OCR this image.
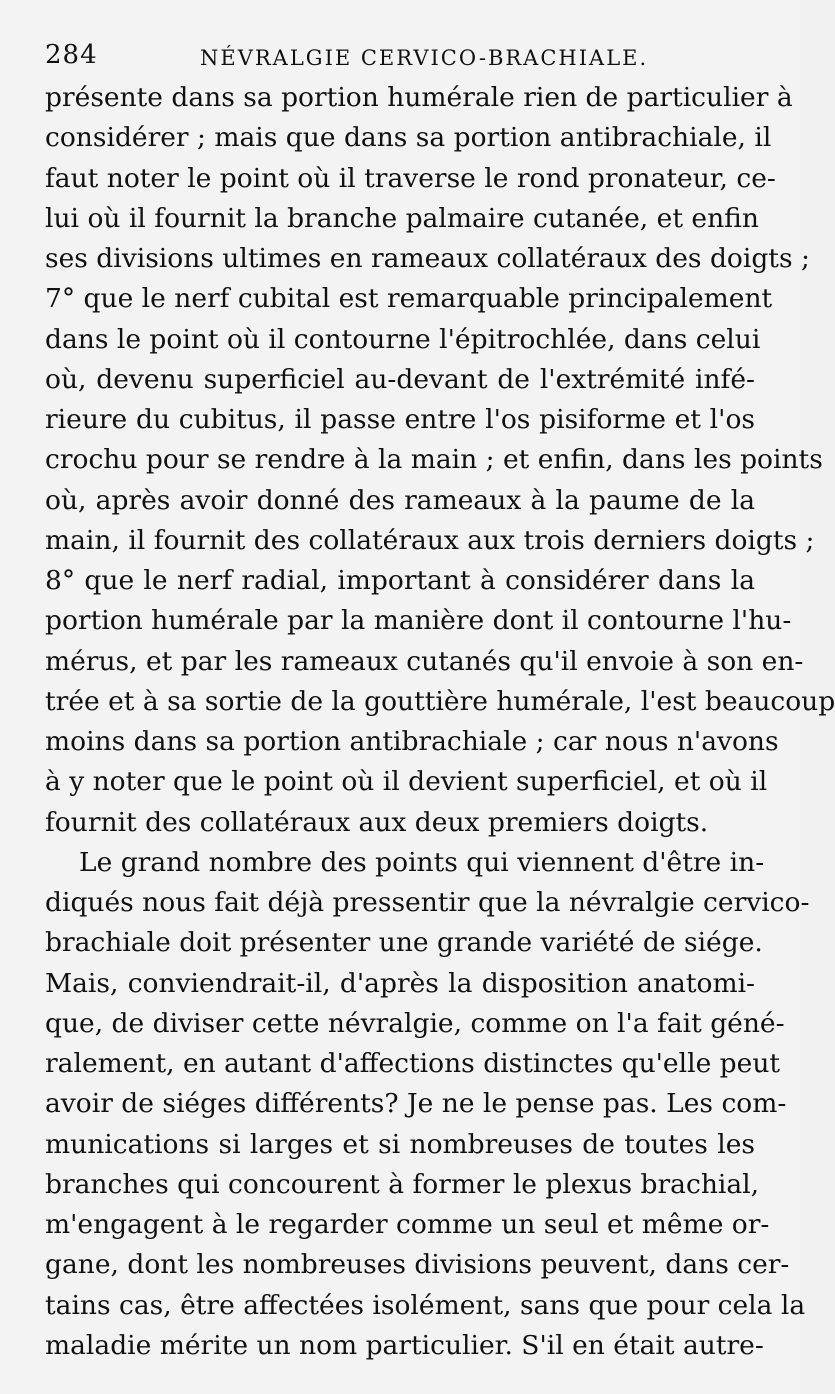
284	NÉVRALGIE CERVICO-BRACHIALE.
présente dans sa portion humérale rien de particulier à
considérer ; mais que dans sa portion antibrachiale, il
faut noter le point où il traverse le rond pronateur, ce-
lui où il fournit la branche palmaire cutanée, et enfin
ses divisions ultimes en rameaux collatéraux des doigts ;
7° que le nerf cubital est remarquable principalement
dans le point où il contourne l'épitrochlée, dans celui
où, devenu superficiel au-devant de l'extrémité infé-
rieure du cubitus, il passe entre l'os pisiforme et l'os
crochu pour se rendre à la main ; et enfin, dans les points
où, après avoir donné des rameaux à la paume de la
main, il fournit des collatéraux aux trois derniers doigts ;
8° que le nerf radial, important à considérer dans la
portion humérale par la manière dont il contourne l'hu-
mérus, et par les rameaux cutanés qu'il envoie à son en-
trée et à sa sortie de la gouttière humérale, l'est beaucoup
moins dans sa portion antibrachiale ; car nous n'avons
à y noter que le point où il devient superficiel, et où il
fournit des collatéraux aux deux premiers doigts.
Le grand nombre des points qui viennent d'être in-
diqués nous fait déjà pressentir que la névralgie cervico-
brachiale doit présenter une grande variété de siége.
Mais, conviendrait-il, d'après la disposition anatomi-
que, de diviser cette névralgie, comme on l'a fait géné-
ralement, en autant d'affections distinctes qu'elle peut
avoir de siéges différents? Je ne le pense pas. Les com-
munications si larges et si nombreuses de toutes les
branches qui concourent à former le plexus brachial,
m'engagent à le regarder comme un seul et même or-
gane, dont les nombreuses divisions peuvent, dans cer-
tains cas, être affectées isolément, sans que pour cela la
maladie mérite un nom particulier. S'il en était autre-
